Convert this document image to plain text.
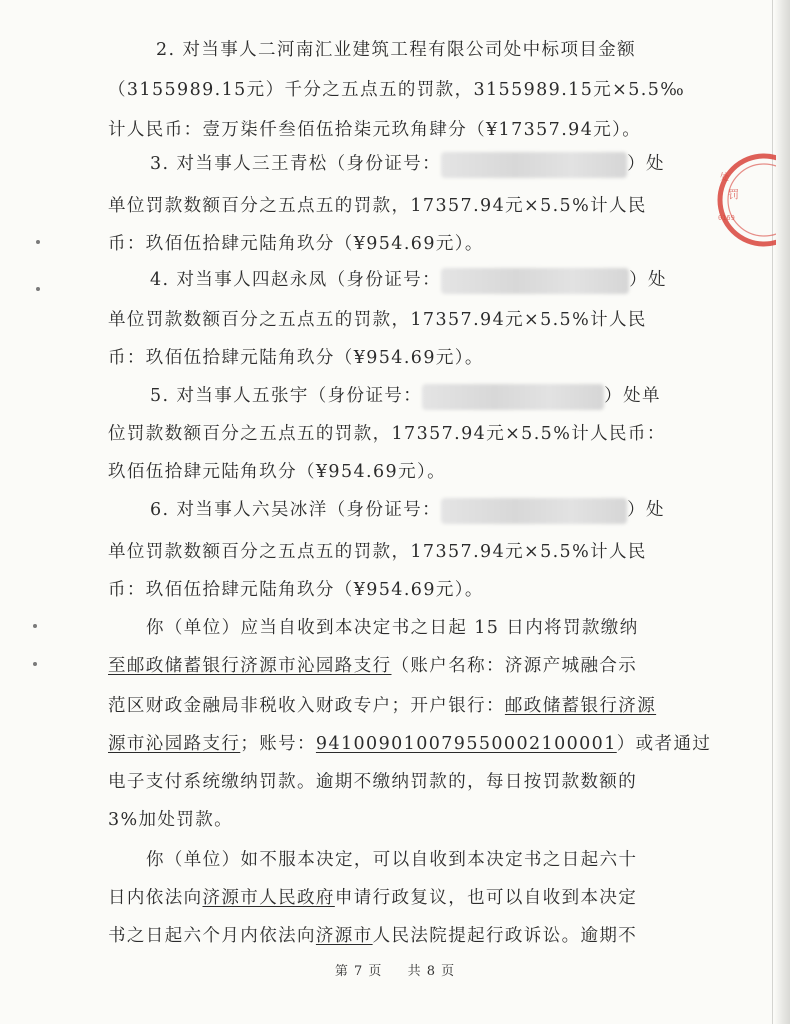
罚
处
0169
2. 对当事人二河南汇业建筑工程有限公司处中标项目金额
（3155989.15元）千分之五点五的罚款，3155989.15元×5.5‰
计人民币：壹万柒仟叁佰伍拾柒元玖角肆分（¥17357.94元）。
3. 对当事人三王青松（身份证号：	）处
单位罚款数额百分之五点五的罚款，17357.94元×5.5%计人民
币：玖佰伍拾肆元陆角玖分（¥954.69元）。
4. 对当事人四赵永凤（身份证号：	）处
单位罚款数额百分之五点五的罚款，17357.94元×5.5%计人民
币：玖佰伍拾肆元陆角玖分（¥954.69元）。
5. 对当事人五张宇（身份证号：	）处单
位罚款数额百分之五点五的罚款，17357.94元×5.5%计人民币：
玖佰伍拾肆元陆角玖分（¥954.69元）。
6. 对当事人六吴冰洋（身份证号：	）处
单位罚款数额百分之五点五的罚款，17357.94元×5.5%计人民
币：玖佰伍拾肆元陆角玖分（¥954.69元）。
你（单位）应当自收到本决定书之日起 15 日内将罚款缴纳
至邮政储蓄银行济源市沁园路支行（账户名称：济源产城融合示
范区财政金融局非税收入财政专户；开户银行：邮政储蓄银行济源
源市沁园路支行；账号：941009010079550002100001）或者通过
电子支付系统缴纳罚款。逾期不缴纳罚款的，每日按罚款数额的
3%加处罚款。
你（单位）如不服本决定，可以自收到本决定书之日起六十
日内依法向济源市人民政府申请行政复议，也可以自收到本决定
书之日起六个月内依法向济源市人民法院提起行政诉讼。逾期不
第 7 页 共 8 页
